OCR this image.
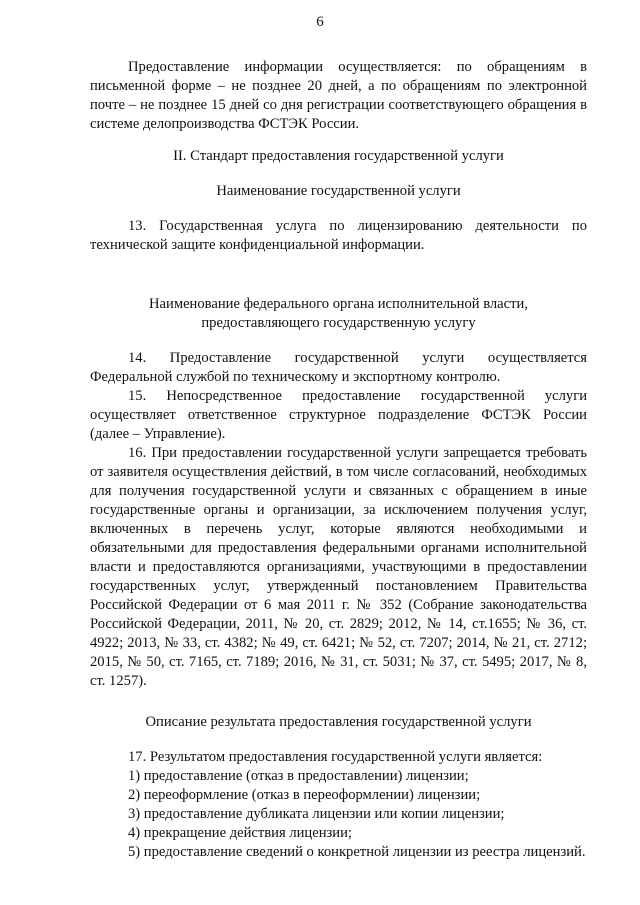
6

Предоставление информации осуществляется: по обращениям в письменной форме – не позднее 20 дней, а по обращениям по электронной почте – не позднее 15 дней со дня регистрации соответствующего обращения в системе делопроизводства ФСТЭК России.

II. Стандарт предоставления государственной услуги

Наименование государственной услуги

13. Государственная услуга по лицензированию деятельности по технической защите конфиденциальной информации.

Наименование федерального органа исполнительной власти,

предоставляющего государственную услугу

14. Предоставление государственной услуги осуществляется Федеральной службой по техническому и экспортному контролю.

15. Непосредственное предоставление государственной услуги осуществляет ответственное структурное подразделение ФСТЭК России (далее – Управление).

16. При предоставлении государственной услуги запрещается требовать от заявителя осуществления действий, в том числе согласований, необходимых для получения государственной услуги и связанных с обращением в иные государственные органы и организации, за исключением получения услуг, включенных в перечень услуг, которые являются необходимыми и обязательными для предоставления федеральными органами исполнительной власти и предоставляются организациями, участвующими в предоставлении государственных услуг, утвержденный постановлением Правительства Российской Федерации от 6 мая 2011 г. № 352 (Собрание законодательства Российской Федерации, 2011, № 20, ст. 2829; 2012, № 14, ст.1655; № 36, ст. 4922; 2013, № 33, ст. 4382; № 49, ст. 6421; № 52, ст. 7207; 2014, № 21, ст. 2712; 2015, № 50, ст. 7165, ст. 7189; 2016, № 31, ст. 5031; № 37, ст. 5495; 2017, № 8, ст. 1257).

Описание результата предоставления государственной услуги

17. Результатом предоставления государственной услуги является:

1) предоставление (отказ в предоставлении) лицензии;

2) переоформление (отказ в переоформлении) лицензии;

3) предоставление дубликата лицензии или копии лицензии;

4) прекращение действия лицензии;

5) предоставление сведений о конкретной лицензии из реестра лицензий.
